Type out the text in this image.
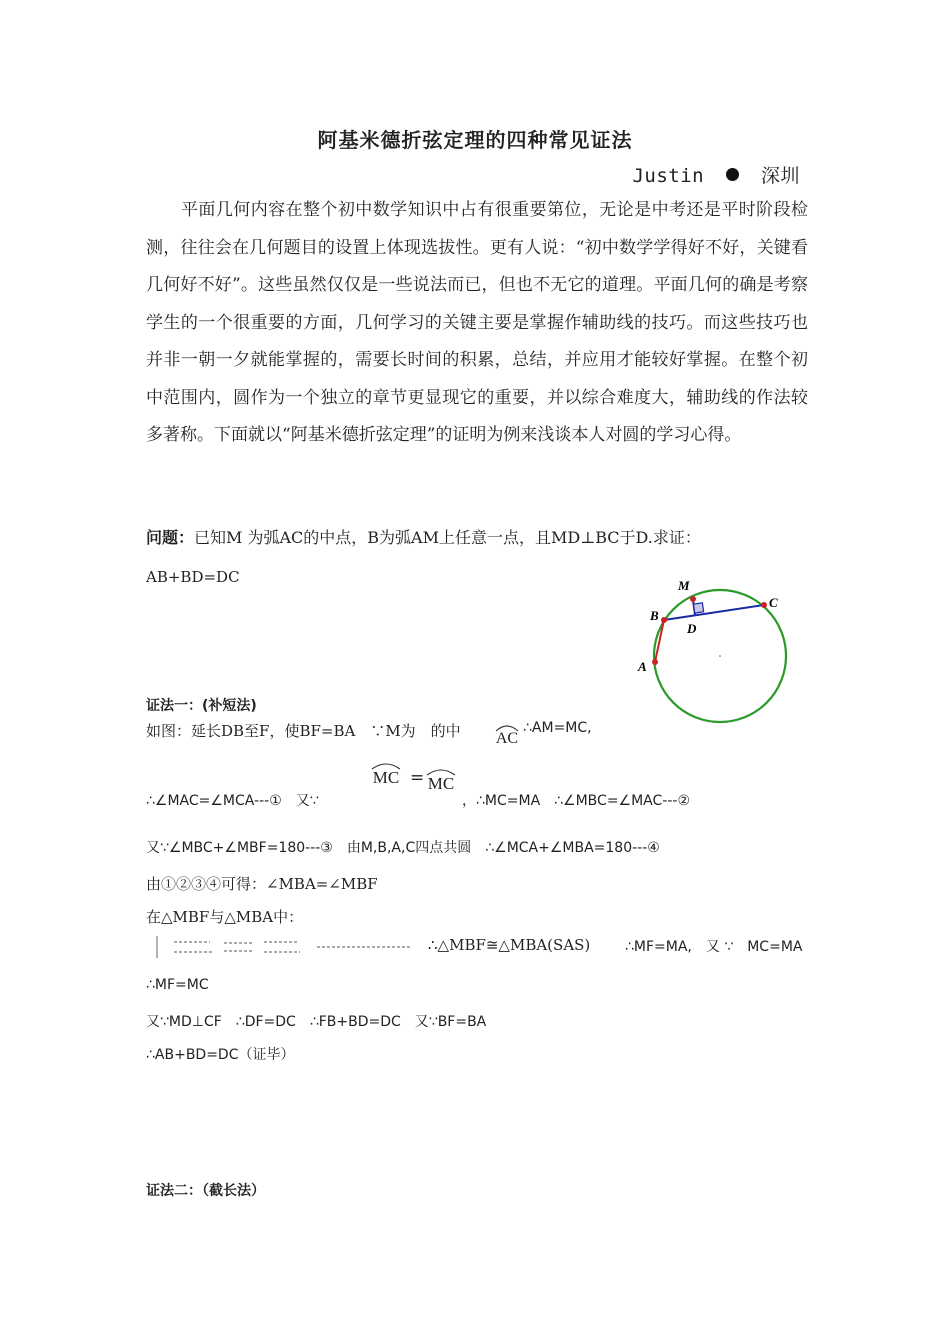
阿基米德折弦定理的四种常见证法
Justin	深圳

平面几何内容在整个初中数学知识中占有很重要第位，无论是中考还是平时阶段检测，往往会在几何题目的设置上体现选拔性。更有人说：“初中数学学得好不好，关键看几何好不好”。这些虽然仅仅是一些说法而已，但也不无它的道理。平面几何的确是考察学生的一个很重要的方面，几何学习的关键主要是掌握作辅助线的技巧。而这些技巧也并非一朝一夕就能掌握的，需要长时间的积累，总结，并应用才能较好掌握。在整个初中范围内，圆作为一个独立的章节更显现它的重要，并以综合难度大，辅助线的作法较多著称。下面就以“阿基米德折弦定理”的证明为例来浅谈本人对圆的学习心得。

问题：已知M 为弧AC的中点，B为弧AM上任意一点，且MD⊥BC于D.求证：
AB+BD=DC	M
B
C
D
A
证法一：(补短法)
如图：延长DB至F，使BF=BA　∵M为　的中 AC
∴AM=MC,
∴∠MAC=∠MCA---①　又∵
MC = MC
，∴MC=MA　∴∠MBC=∠MAC---②
又∵∠MBC+∠MBF=180---③　由M,B,A,C四点共圆　∴∠MCA+∠MBA=180---④
由①②③④可得：∠MBA=∠MBF
在△MBF与△MBA中：
∴△MBF≅△MBA(SAS) ∴MF=MA,　又 ∵　MC=MA
∴MF=MC
又∵MD⊥CF　∴DF=DC　∴FB+BD=DC　又∵BF=BA
∴AB+BD=DC（证毕）
证法二：（截长法）
